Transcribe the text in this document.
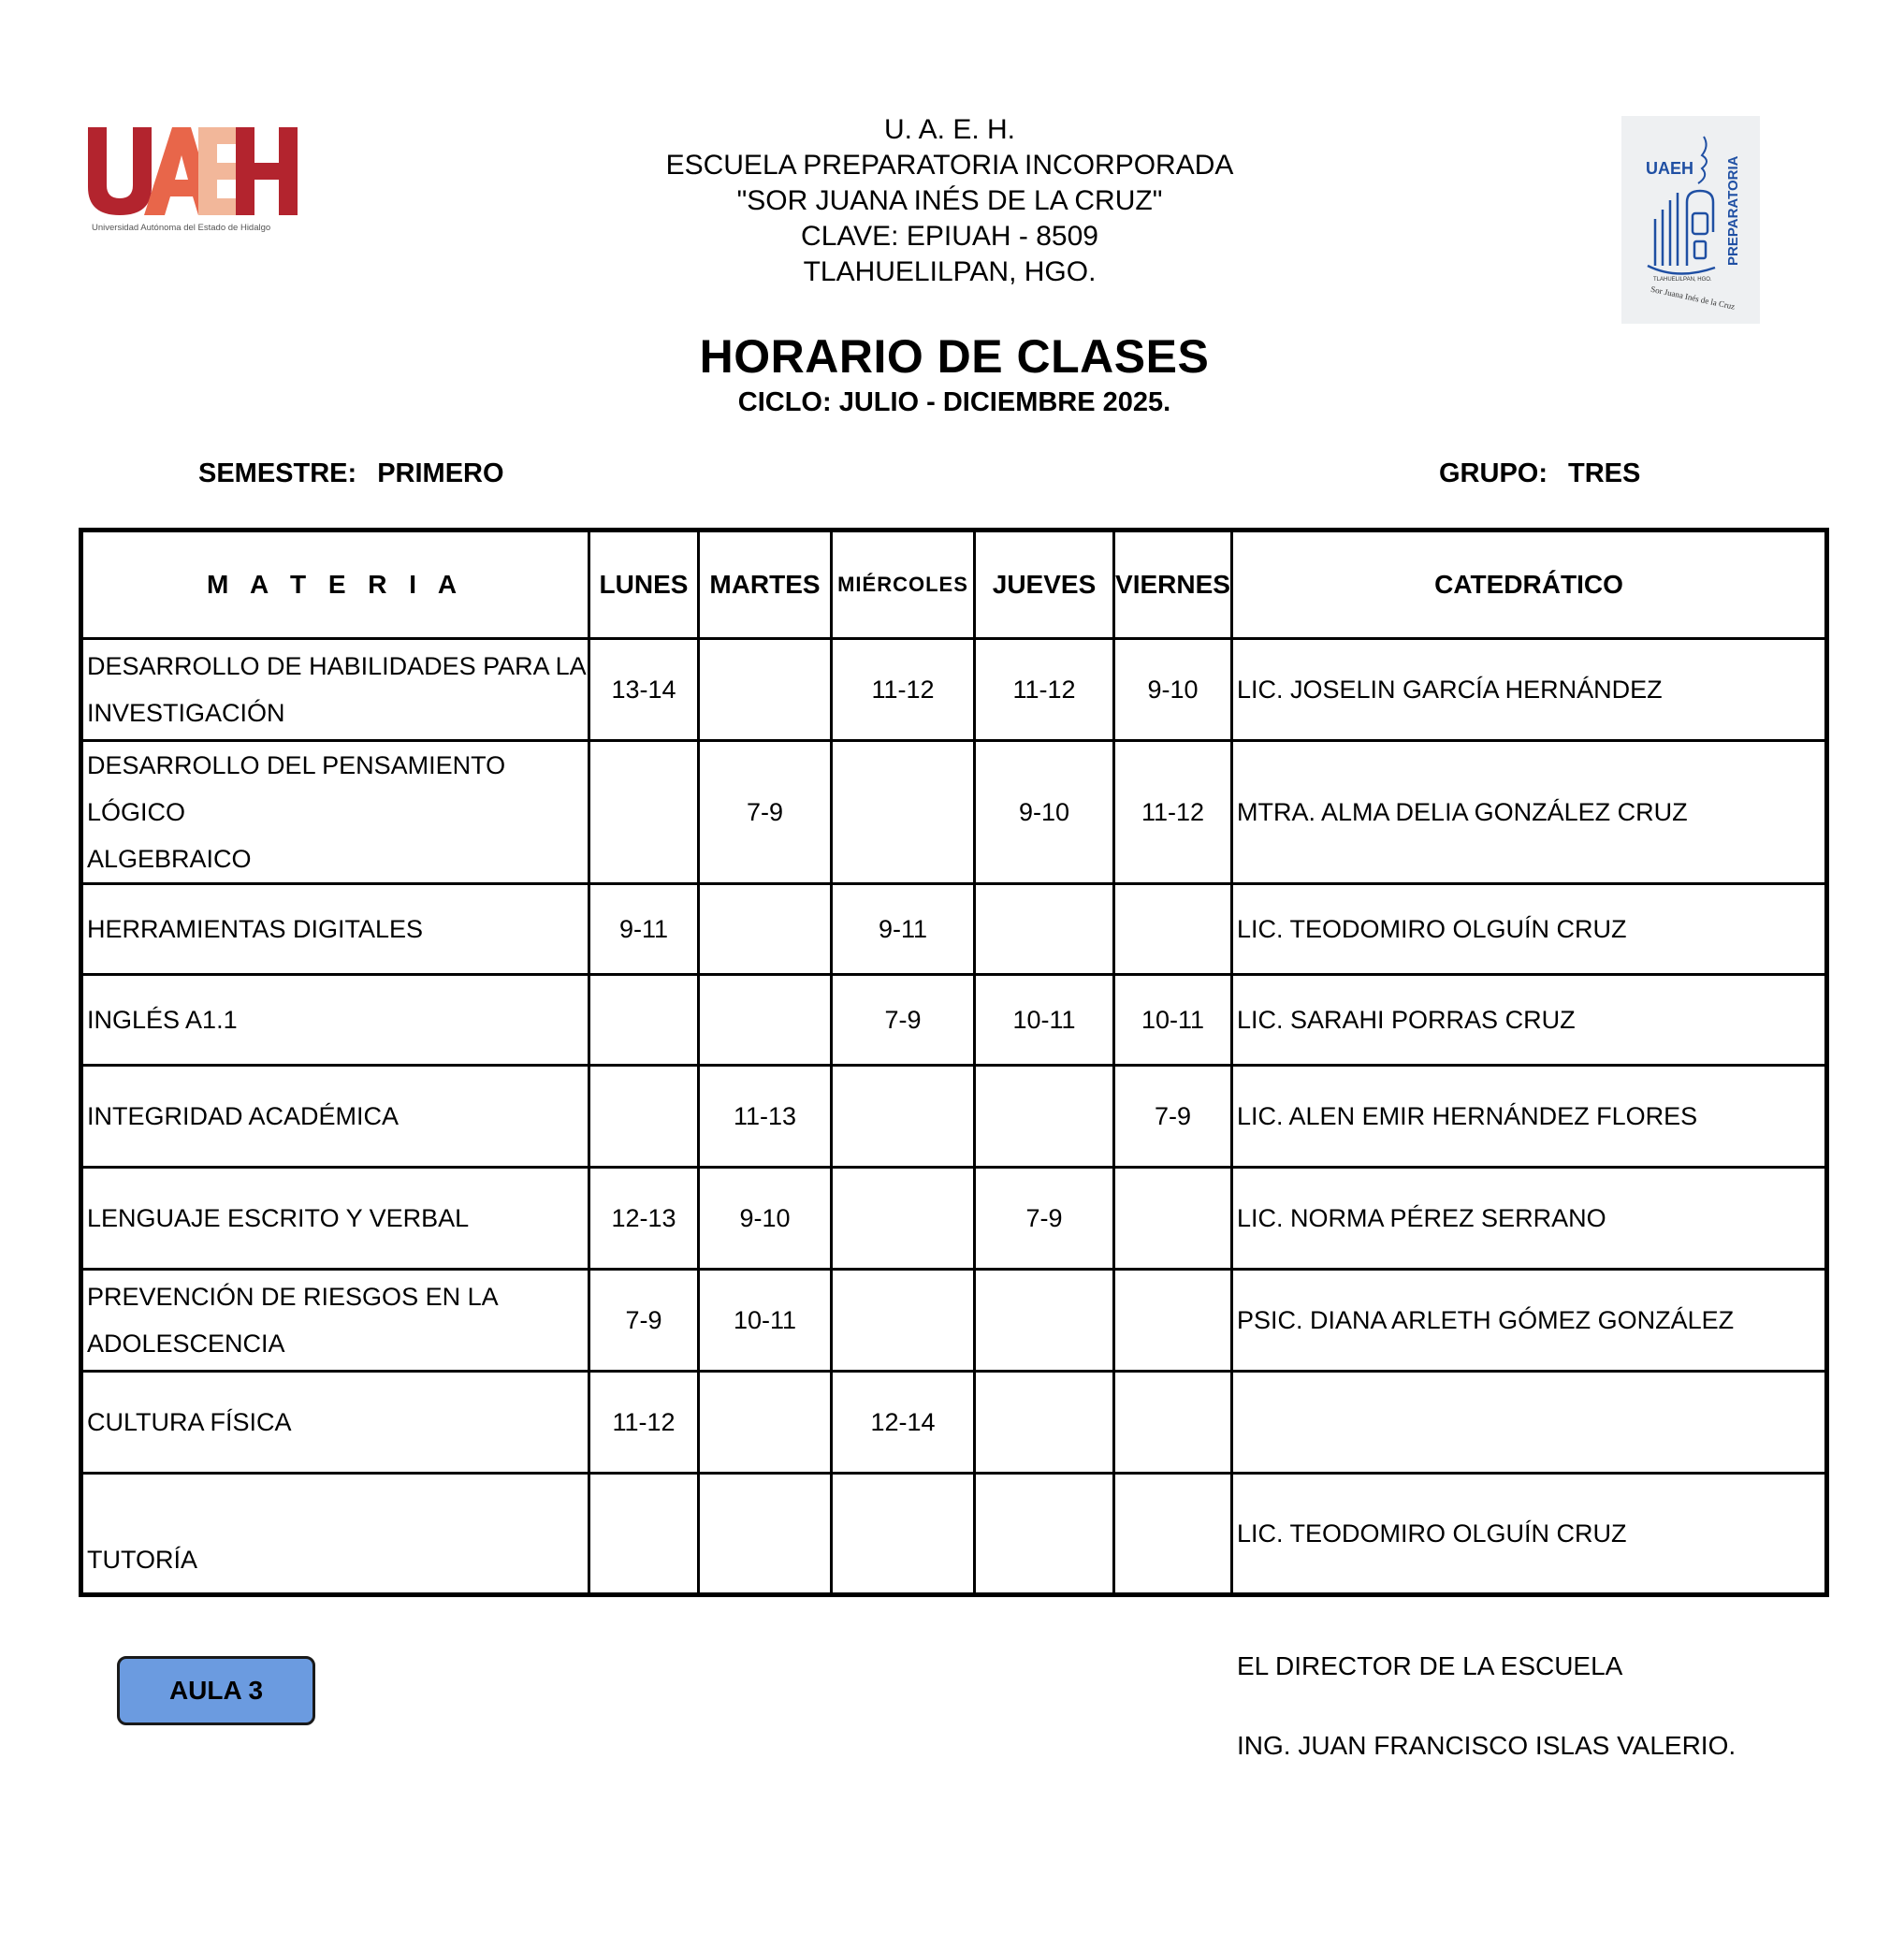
Universidad Autónoma del Estado de Hidalgo
UAEH PREPARATORIA
TLAHUELILPAN, HGO.
Sor Juana Inés de la Cruz
U. A. E. H.
ESCUELA PREPARATORIA INCORPORADA
"SOR JUANA INÉS DE LA CRUZ"
CLAVE: EPIUAH - 8509
TLAHUELILPAN, HGO.
HORARIO DE CLASES
CICLO: JULIO - DICIEMBRE 2025.
SEMESTRE: PRIMERO	GRUPO: TRES
M A T E R I A	LUNES	MARTES	MIÉRCOLES	JUEVES	VIERNES	CATEDRÁTICO

DESARROLLO DE HABILIDADES PARA LA
INVESTIGACIÓN	13-14		11-12	11-12	9-10	LIC. JOSELIN GARCÍA HERNÁNDEZ

DESARROLLO DEL PENSAMIENTO LÓGICO
ALGEBRAICO		7-9		9-10	11-12	MTRA. ALMA DELIA GONZÁLEZ CRUZ
HERRAMIENTAS DIGITALES	9-11		9-11			LIC. TEODOMIRO OLGUÍN CRUZ
INGLÉS A1.1			7-9	10-11	10-11	LIC. SARAHI PORRAS CRUZ
INTEGRIDAD ACADÉMICA		11-13			7-9	LIC. ALEN EMIR HERNÁNDEZ FLORES
LENGUAJE ESCRITO Y VERBAL	12-13	9-10		7-9		LIC. NORMA PÉREZ SERRANO

PREVENCIÓN DE RIESGOS EN LA
ADOLESCENCIA	7-9	10-11				PSIC. DIANA ARLETH GÓMEZ GONZÁLEZ
CULTURA FÍSICA	11-12		12-14			
TUTORÍA						LIC. TEODOMIRO OLGUÍN CRUZ
AULA 3
EL DIRECTOR DE LA ESCUELA
ING. JUAN FRANCISCO ISLAS VALERIO.
